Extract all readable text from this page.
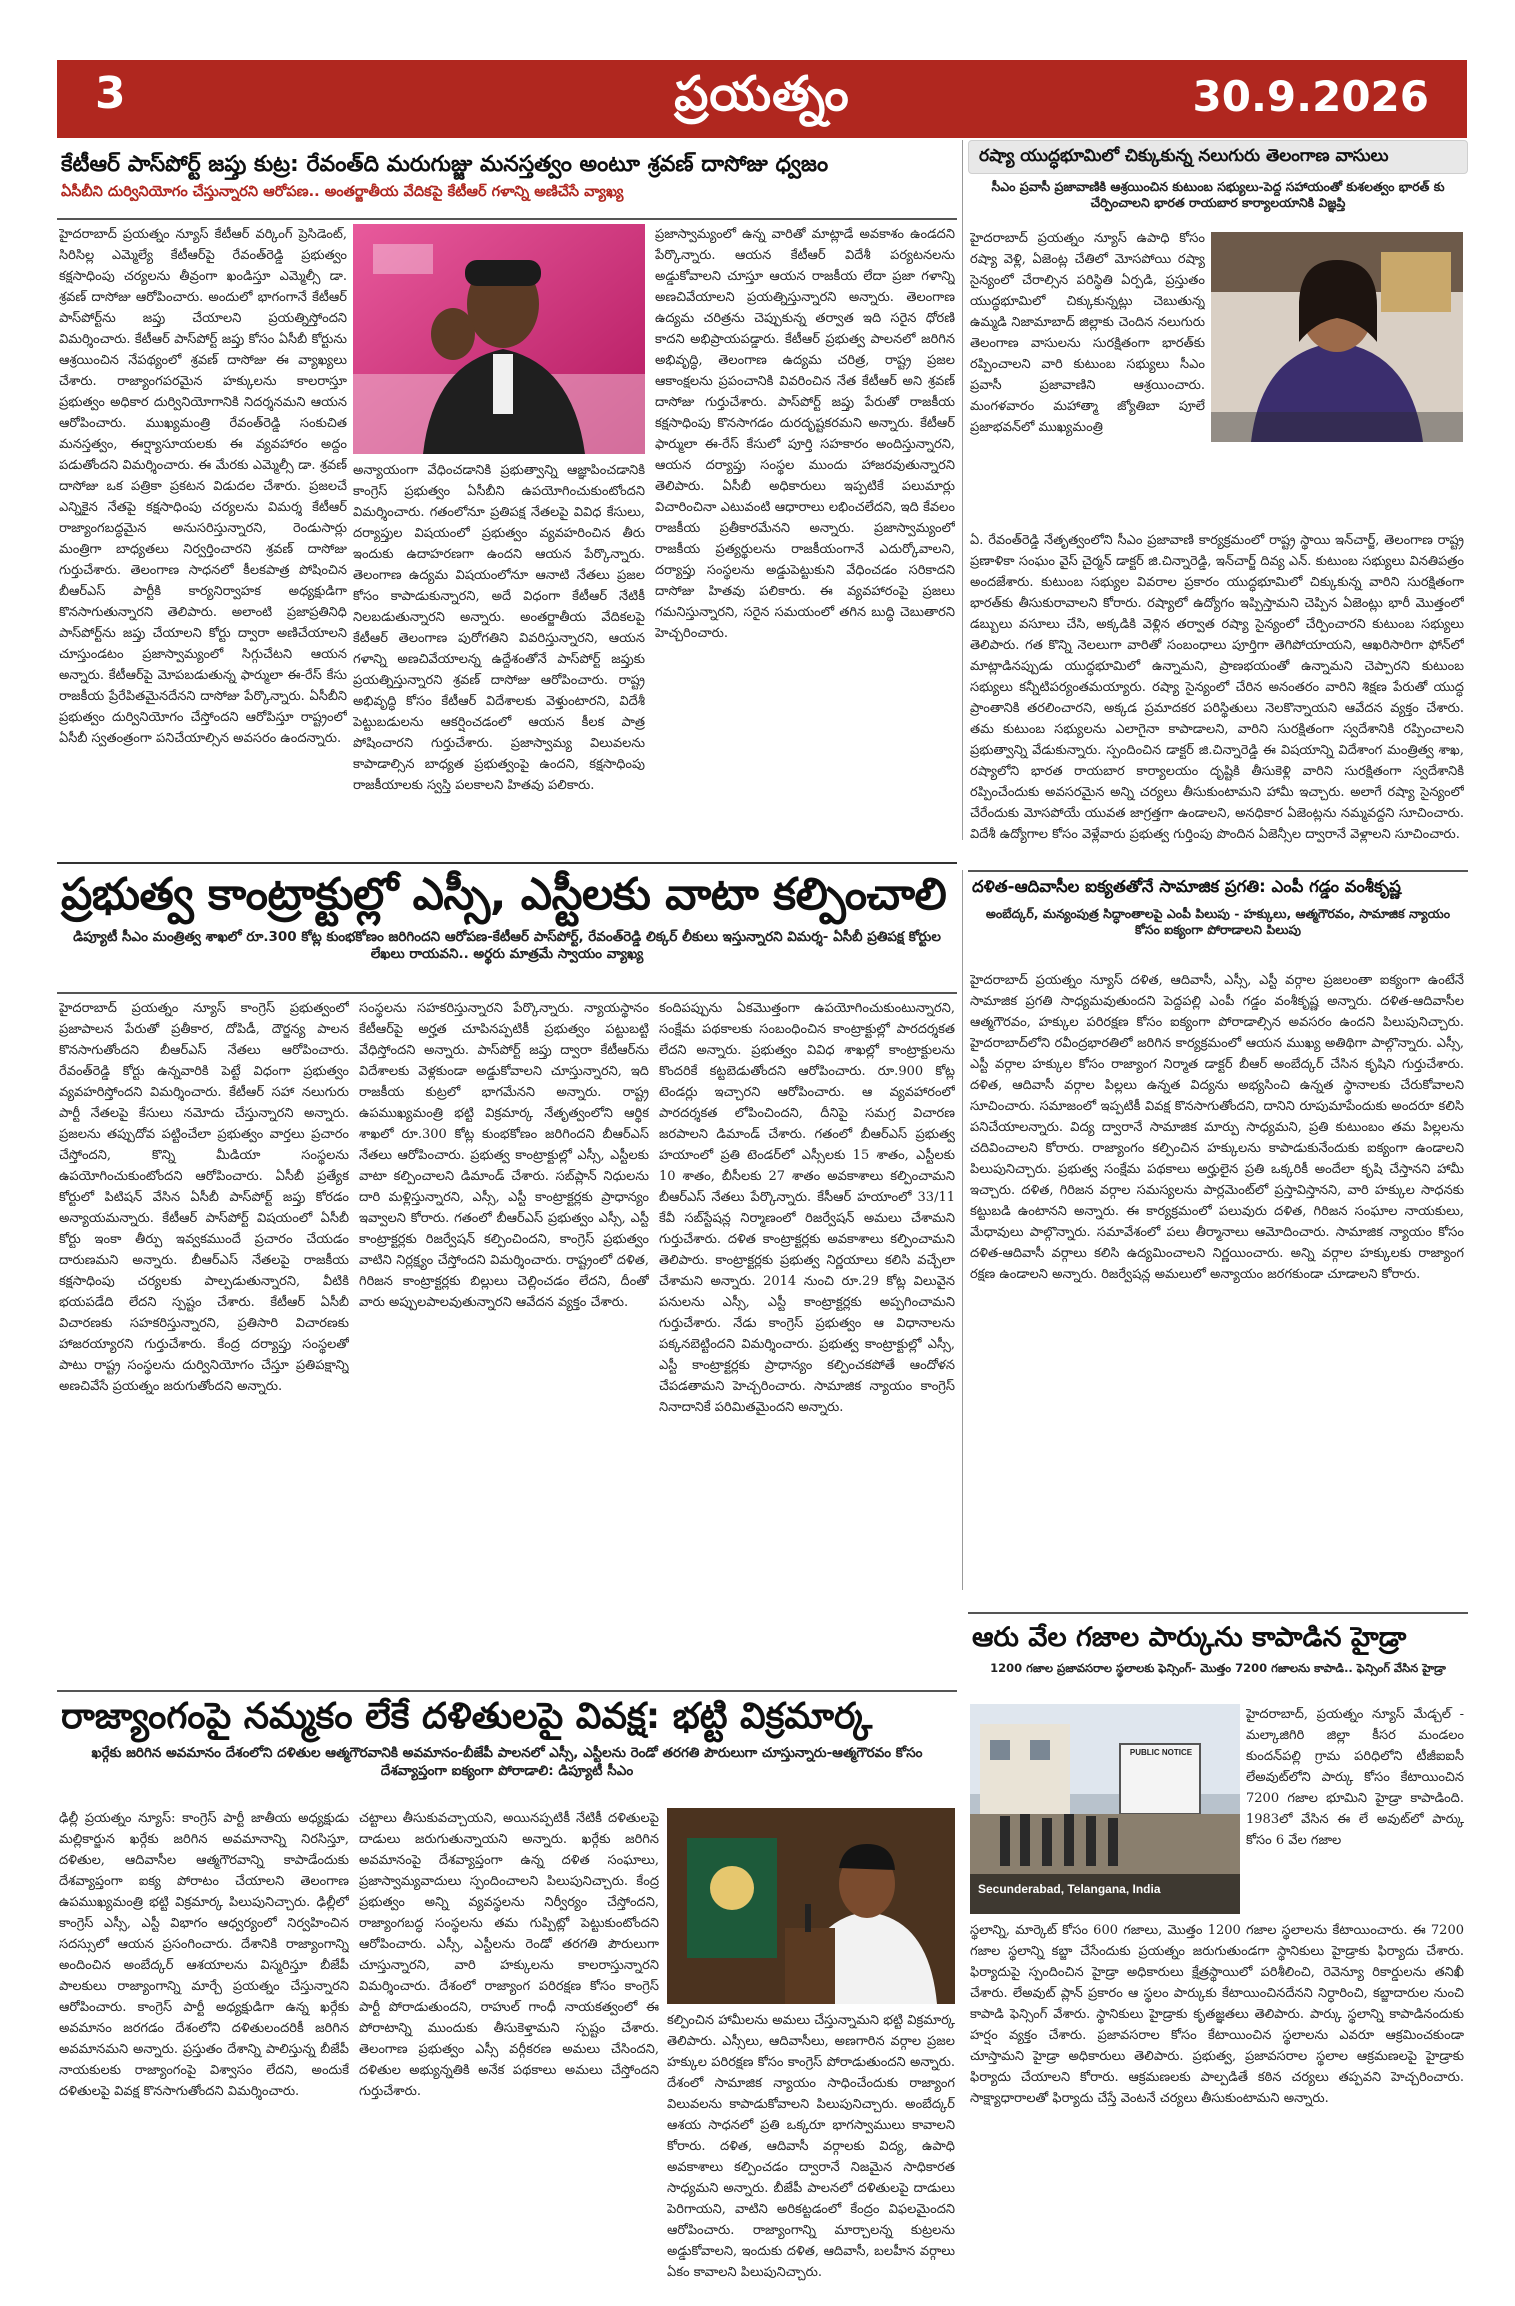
3	ప్రయత్నం	30.9.2026
కేటీఆర్ పాస్‌పోర్ట్ జప్తు కుట్ర: రేవంత్‌ది మరుగుజ్జు మనస్తత్వం అంటూ శ్రవణ్ దాసోజు ధ్వజం
ఏసీబీని దుర్వినియోగం చేస్తున్నారని ఆరోపణ.. అంతర్జాతీయ వేదికపై కేటీఆర్ గళాన్ని అణిచేసే వ్యాఖ్య
హైదరాబాద్ ప్రయత్నం న్యూస్ కేటీఆర్ వర్కింగ్ ప్రెసిడెంట్, సిరిసిల్ల ఎమ్మెల్యే కేటీఆర్‌పై రేవంత్‌రెడ్డి ప్రభుత్వం కక్షసాధింపు చర్యలను తీవ్రంగా ఖండిస్తూ ఎమ్మెల్సీ డా. శ్రవణ్ దాసోజు ఆరోపించారు. అందులో భాగంగానే కేటీఆర్ పాస్‌పోర్ట్‌ను జప్తు చేయాలని ప్రయత్నిస్తోందని విమర్శించారు. కేటీఆర్ పాస్‌పోర్ట్ జప్తు కోసం ఏసీబీ కోర్టును ఆశ్రయించిన నేపథ్యంలో శ్రవణ్ దాసోజు ఈ వ్యాఖ్యలు చేశారు. రాజ్యాంగపరమైన హక్కులను కాలరాస్తూ ప్రభుత్వం అధికార దుర్వినియోగానికి నిదర్శనమని ఆయన ఆరోపించారు. ముఖ్యమంత్రి రేవంత్‌రెడ్డి సంకుచిత మనస్తత్వం, ఈర్ష్యాసూయలకు ఈ వ్యవహారం అద్దం పడుతోందని విమర్శించారు. ఈ మేరకు ఎమ్మెల్సీ డా. శ్రవణ్ దాసోజు ఒక పత్రికా ప్రకటన విడుదల చేశారు. ప్రజలచే ఎన్నికైన నేతపై కక్షసాధింపు చర్యలను విమర్శ కేటీఆర్ రాజ్యాంగబద్ధమైన అనుసరిస్తున్నారని, రెండుసార్లు మంత్రిగా బాధ్యతలు నిర్వర్తించారని శ్రవణ్ దాసోజు గుర్తుచేశారు. తెలంగాణ సాధనలో కీలకపాత్ర పోషించిన బీఆర్ఎస్ పార్టీకి కార్యనిర్వాహక అధ్యక్షుడిగా కొనసాగుతున్నారని తెలిపారు. అలాంటి ప్రజాప్రతినిధి పాస్‌పోర్ట్‌ను జప్తు చేయాలని కోర్టు ద్వారా అణిచేయాలని చూస్తుండటం ప్రజాస్వామ్యంలో సిగ్గుచేటని ఆయన అన్నారు. కేటీఆర్‌పై మోపబడుతున్న ఫార్ములా ఈ-రేస్ కేసు రాజకీయ ప్రేరేపితమైనదేనని దాసోజు పేర్కొన్నారు. ఏసీబీని ప్రభుత్వం దుర్వినియోగం చేస్తోందని ఆరోపిస్తూ రాష్ట్రంలో ఏసీబీ స్వతంత్రంగా పనిచేయాల్సిన అవసరం ఉందన్నారు.
అన్యాయంగా వేధించడానికి ప్రభుత్వాన్ని ఆజ్ఞాపించడానికి కాంగ్రెస్ ప్రభుత్వం ఏసీబీని ఉపయోగించుకుంటోందని విమర్శించారు. గతంలోనూ ప్రతిపక్ష నేతలపై వివిధ కేసులు, దర్యాప్తుల విషయంలో ప్రభుత్వం వ్యవహరించిన తీరు ఇందుకు ఉదాహరణగా ఉందని ఆయన పేర్కొన్నారు. తెలంగాణ ఉద్యమ విషయంలోనూ ఆనాటి నేతలు ప్రజల కోసం కాపాడుకున్నారని, అదే విధంగా కేటీఆర్ నేటికీ నిలబడుతున్నారని అన్నారు. అంతర్జాతీయ వేదికలపై కేటీఆర్ తెలంగాణ పురోగతిని వివరిస్తున్నారని, ఆయన గళాన్ని అణచివేయాలన్న ఉద్దేశంతోనే పాస్‌పోర్ట్ జప్తుకు ప్రయత్నిస్తున్నారని శ్రవణ్ దాసోజు ఆరోపించారు. రాష్ట్ర అభివృద్ధి కోసం కేటీఆర్ విదేశాలకు వెళ్తుంటారని, విదేశీ పెట్టుబడులను ఆకర్షించడంలో ఆయన కీలక పాత్ర పోషించారని గుర్తుచేశారు. ప్రజాస్వామ్య విలువలను కాపాడాల్సిన బాధ్యత ప్రభుత్వంపై ఉందని, కక్షసాధింపు రాజకీయాలకు స్వస్తి పలకాలని హితవు పలికారు.
ప్రజాస్వామ్యంలో ఉన్న వారితో మాట్లాడే అవకాశం ఉండదని పేర్కొన్నారు. ఆయన కేటీఆర్ విదేశీ పర్యటనలను అడ్డుకోవాలని చూస్తూ ఆయన రాజకీయ లేదా ప్రజా గళాన్ని అణచివేయాలని ప్రయత్నిస్తున్నారని అన్నారు. తెలంగాణ ఉద్యమ చరిత్రను చెప్పుకున్న తర్వాత ఇది సరైన ధోరణి కాదని అభిప్రాయపడ్డారు. కేటీఆర్ ప్రభుత్వ పాలనలో జరిగిన అభివృద్ధి, తెలంగాణ ఉద్యమ చరిత్ర, రాష్ట్ర ప్రజల ఆకాంక్షలను ప్రపంచానికి వివరించిన నేత కేటీఆర్ అని శ్రవణ్ దాసోజు గుర్తుచేశారు. పాస్‌పోర్ట్ జప్తు పేరుతో రాజకీయ కక్షసాధింపు కొనసాగడం దురదృష్టకరమని అన్నారు. కేటీఆర్ ఫార్ములా ఈ-రేస్ కేసులో పూర్తి సహకారం అందిస్తున్నారని, ఆయన దర్యాప్తు సంస్థల ముందు హాజరవుతున్నారని తెలిపారు. ఏసీబీ అధికారులు ఇప్పటికే పలుమార్లు విచారించినా ఎటువంటి ఆధారాలు లభించలేదని, ఇది కేవలం రాజకీయ ప్రతీకారమేనని అన్నారు. ప్రజాస్వామ్యంలో రాజకీయ ప్రత్యర్థులను రాజకీయంగానే ఎదుర్కోవాలని, దర్యాప్తు సంస్థలను అడ్డుపెట్టుకుని వేధించడం సరికాదని దాసోజు హితవు పలికారు. ఈ వ్యవహారంపై ప్రజలు గమనిస్తున్నారని, సరైన సమయంలో తగిన బుద్ధి చెబుతారని హెచ్చరించారు.
రష్యా యుద్ధభూమిలో చిక్కుకున్న నలుగురు తెలంగాణ వాసులు
సీఎం ప్రవాసీ ప్రజావాణికి ఆశ్రయించిన కుటుంబ సభ్యులు-పెద్ద సహాయంతో కుశలత్వం భారత్ కు చేర్పించాలని భారత రాయబార కార్యాలయానికి విజ్ఞప్తి
హైదరాబాద్ ప్రయత్నం న్యూస్ ఉపాధి కోసం రష్యా వెళ్లి, ఏజెంట్ల చేతిలో మోసపోయి రష్యా సైన్యంలో చేరాల్సిన పరిస్థితి ఏర్పడి, ప్రస్తుతం యుద్ధభూమిలో చిక్కుకున్నట్లు చెబుతున్న ఉమ్మడి నిజామాబాద్ జిల్లాకు చెందిన నలుగురు తెలంగాణ వాసులను సురక్షితంగా భారత్‌కు రప్పించాలని వారి కుటుంబ సభ్యులు సీఎం ప్రవాసీ ప్రజావాణిని ఆశ్రయించారు. మంగళవారం మహాత్మా జ్యోతిబా పూలే ప్రజాభవన్‌లో ముఖ్యమంత్రి
ఏ. రేవంత్‌రెడ్డి నేతృత్వంలోని సీఎం ప్రజావాణి కార్యక్రమంలో రాష్ట్ర స్థాయి ఇన్‌చార్జ్, తెలంగాణ రాష్ట్ర ప్రణాళికా సంఘం వైస్ చైర్మన్ డాక్టర్ జి.చిన్నారెడ్డి, ఇన్‌చార్జ్ దివ్య ఎన్. కుటుంబ సభ్యులు వినతిపత్రం అందజేశారు. కుటుంబ సభ్యుల వివరాల ప్రకారం యుద్ధభూమిలో చిక్కుకున్న వారిని సురక్షితంగా భారత్‌కు తీసుకురావాలని కోరారు. రష్యాలో ఉద్యోగం ఇప్పిస్తామని చెప్పిన ఏజెంట్లు భారీ మొత్తంలో డబ్బులు వసూలు చేసి, అక్కడికి వెళ్లిన తర్వాత రష్యా సైన్యంలో చేర్పించారని కుటుంబ సభ్యులు తెలిపారు. గత కొన్ని నెలలుగా వారితో సంబంధాలు పూర్తిగా తెగిపోయాయని, ఆఖరిసారిగా ఫోన్‌లో మాట్లాడినప్పుడు యుద్ధభూమిలో ఉన్నామని, ప్రాణభయంతో ఉన్నామని చెప్పారని కుటుంబ సభ్యులు కన్నీటిపర్యంతమయ్యారు. రష్యా సైన్యంలో చేరిన అనంతరం వారిని శిక్షణ పేరుతో యుద్ధ ప్రాంతానికి తరలించారని, అక్కడ ప్రమాదకర పరిస్థితులు నెలకొన్నాయని ఆవేదన వ్యక్తం చేశారు. తమ కుటుంబ సభ్యులను ఎలాగైనా కాపాడాలని, వారిని సురక్షితంగా స్వదేశానికి రప్పించాలని ప్రభుత్వాన్ని వేడుకున్నారు. స్పందించిన డాక్టర్ జి.చిన్నారెడ్డి ఈ విషయాన్ని విదేశాంగ మంత్రిత్వ శాఖ, రష్యాలోని భారత రాయబార కార్యాలయం దృష్టికి తీసుకెళ్లి వారిని సురక్షితంగా స్వదేశానికి రప్పించేందుకు అవసరమైన అన్ని చర్యలు తీసుకుంటామని హామీ ఇచ్చారు. అలాగే రష్యా సైన్యంలో చేరేందుకు మోసపోయే యువత జాగ్రత్తగా ఉండాలని, అనధికార ఏజెంట్లను నమ్మవద్దని సూచించారు. విదేశీ ఉద్యోగాల కోసం వెళ్లేవారు ప్రభుత్వ గుర్తింపు పొందిన ఏజెన్సీల ద్వారానే వెళ్లాలని సూచించారు.
ప్రభుత్వ కాంట్రాక్టుల్లో ఎస్సీ, ఎస్టీలకు వాటా కల్పించాలి
డిప్యూటీ సీఎం మంత్రిత్వ శాఖలో రూ.300 కోట్ల కుంభకోణం జరిగిందని ఆరోపణ-కేటీఆర్ పాస్‌పోర్ట్, రేవంత్‌రెడ్డి లిక్కర్ లీకులు ఇస్తున్నారని విమర్శ- ఏసీబీ ప్రతిపక్ష కోర్టుల లేఖలు రాయవని.. అర్థరు మాత్రమే స్వాయం వ్యాఖ్య
హైదరాబాద్ ప్రయత్నం న్యూస్ కాంగ్రెస్ ప్రభుత్వంలో ప్రజాపాలన పేరుతో ప్రతీకార, దోపిడీ, దౌర్జన్య పాలన కొనసాగుతోందని బీఆర్ఎస్ నేతలు ఆరోపించారు. రేవంత్‌రెడ్డి కోర్టు ఉన్నవారికి పెట్టే విధంగా ప్రభుత్వం వ్యవహరిస్తోందని విమర్శించారు. కేటీఆర్ సహా నలుగురు పార్టీ నేతలపై కేసులు నమోదు చేస్తున్నారని అన్నారు. ప్రజలను తప్పుదోవ పట్టించేలా ప్రభుత్వం వార్తలు ప్రచారం చేస్తోందని, కొన్ని మీడియా సంస్థలను ఉపయోగించుకుంటోందని ఆరోపించారు. ఏసీబీ ప్రత్యేక కోర్టులో పిటిషన్ వేసిన ఏసీబీ పాస్‌పోర్ట్ జప్తు కోరడం అన్యాయమన్నారు. కేటీఆర్ పాస్‌పోర్ట్ విషయంలో ఏసీబీ కోర్టు ఇంకా తీర్పు ఇవ్వకముందే ప్రచారం చేయడం దారుణమని అన్నారు. బీఆర్ఎస్ నేతలపై రాజకీయ కక్షసాధింపు చర్యలకు పాల్పడుతున్నారని, వీటికి భయపడేది లేదని స్పష్టం చేశారు. కేటీఆర్ ఏసీబీ విచారణకు సహకరిస్తున్నారని, ప్రతిసారి విచారణకు హాజరయ్యారని గుర్తుచేశారు. కేంద్ర దర్యాప్తు సంస్థలతో పాటు రాష్ట్ర సంస్థలను దుర్వినియోగం చేస్తూ ప్రతిపక్షాన్ని అణచివేసే ప్రయత్నం జరుగుతోందని అన్నారు.
సంస్థలను సహకరిస్తున్నారని పేర్కొన్నారు. న్యాయస్థానం కేటీఆర్‌పై అర్హత చూపినప్పటికీ ప్రభుత్వం పట్టుబట్టి వేధిస్తోందని అన్నారు. పాస్‌పోర్ట్ జప్తు ద్వారా కేటీఆర్‌ను విదేశాలకు వెళ్లకుండా అడ్డుకోవాలని చూస్తున్నారని, ఇది రాజకీయ కుట్రలో భాగమేనని అన్నారు. రాష్ట్ర ఉపముఖ్యమంత్రి భట్టి విక్రమార్క నేతృత్వంలోని ఆర్థిక శాఖలో రూ.300 కోట్ల కుంభకోణం జరిగిందని బీఆర్ఎస్ నేతలు ఆరోపించారు. ప్రభుత్వ కాంట్రాక్టుల్లో ఎస్సీ, ఎస్టీలకు వాటా కల్పించాలని డిమాండ్ చేశారు. సబ్‌ప్లాన్ నిధులను దారి మళ్లిస్తున్నారని, ఎస్సీ, ఎస్టీ కాంట్రాక్టర్లకు ప్రాధాన్యం ఇవ్వాలని కోరారు. గతంలో బీఆర్ఎస్ ప్రభుత్వం ఎస్సీ, ఎస్టీ కాంట్రాక్టర్లకు రిజర్వేషన్ కల్పించిందని, కాంగ్రెస్ ప్రభుత్వం వాటిని నిర్లక్ష్యం చేస్తోందని విమర్శించారు. రాష్ట్రంలో దళిత, గిరిజన కాంట్రాక్టర్లకు బిల్లులు చెల్లించడం లేదని, దీంతో వారు అప్పులపాలవుతున్నారని ఆవేదన వ్యక్తం చేశారు.
కందిపప్పును ఏకమొత్తంగా ఉపయోగించుకుంటున్నారని, సంక్షేమ పథకాలకు సంబంధించిన కాంట్రాక్టుల్లో పారదర్శకత లేదని అన్నారు. ప్రభుత్వం వివిధ శాఖల్లో కాంట్రాక్టులను కొందరికే కట్టబెడుతోందని ఆరోపించారు. రూ.900 కోట్ల టెండర్లు ఇచ్చారని ఆరోపించారు. ఆ వ్యవహారంలో పారదర్శకత లోపించిందని, దీనిపై సమగ్ర విచారణ జరపాలని డిమాండ్ చేశారు. గతంలో బీఆర్ఎస్ ప్రభుత్వ హయాంలో ప్రతి టెండర్‌లో ఎస్సీలకు 15 శాతం, ఎస్టీలకు 10 శాతం, బీసీలకు 27 శాతం అవకాశాలు కల్పించామని బీఆర్ఎస్ నేతలు పేర్కొన్నారు. కేసీఆర్ హయాంలో 33/11 కేవీ సబ్‌స్టేషన్ల నిర్మాణంలో రిజర్వేషన్ అమలు చేశామని గుర్తుచేశారు. దళిత కాంట్రాక్టర్లకు అవకాశాలు కల్పించామని తెలిపారు. కాంట్రాక్టర్లకు ప్రభుత్వ నిర్ణయాలు కలిసి వచ్చేలా చేశామని అన్నారు. 2014 నుంచి రూ.29 కోట్ల విలువైన పనులను ఎస్సీ, ఎస్టీ కాంట్రాక్టర్లకు అప్పగించామని గుర్తుచేశారు. నేడు కాంగ్రెస్ ప్రభుత్వం ఆ విధానాలను పక్కనబెట్టిందని విమర్శించారు. ప్రభుత్వ కాంట్రాక్టుల్లో ఎస్సీ, ఎస్టీ కాంట్రాక్టర్లకు ప్రాధాన్యం కల్పించకపోతే ఆందోళన చేపడతామని హెచ్చరించారు. సామాజిక న్యాయం కాంగ్రెస్ నినాదానికే పరిమితమైందని అన్నారు.
దళిత-ఆదివాసీల ఐక్యతతోనే సామాజిక ప్రగతి: ఎంపీ గడ్డం వంశీకృష్ణ
అంబేద్కర్, మన్యంపుత్ర సిద్ధాంతాలపై ఎంపీ పిలుపు - హక్కులు, ఆత్మగౌరవం, సామాజిక న్యాయం కోసం ఐక్యంగా పోరాడాలని పిలుపు
హైదరాబాద్ ప్రయత్నం న్యూస్ దళిత, ఆదివాసీ, ఎస్సీ, ఎస్టీ వర్గాల ప్రజలంతా ఐక్యంగా ఉంటేనే సామాజిక ప్రగతి సాధ్యమవుతుందని పెద్దపల్లి ఎంపీ గడ్డం వంశీకృష్ణ అన్నారు. దళిత-ఆదివాసీల ఆత్మగౌరవం, హక్కుల పరిరక్షణ కోసం ఐక్యంగా పోరాడాల్సిన అవసరం ఉందని పిలుపునిచ్చారు. హైదరాబాద్‌లోని రవీంద్రభారతిలో జరిగిన కార్యక్రమంలో ఆయన ముఖ్య అతిథిగా పాల్గొన్నారు. ఎస్సీ, ఎస్టీ వర్గాల హక్కుల కోసం రాజ్యాంగ నిర్మాత డాక్టర్ బీఆర్ అంబేద్కర్ చేసిన కృషిని గుర్తుచేశారు. దళిత, ఆదివాసీ వర్గాల పిల్లలు ఉన్నత విద్యను అభ్యసించి ఉన్నత స్థానాలకు చేరుకోవాలని సూచించారు. సమాజంలో ఇప్పటికీ వివక్ష కొనసాగుతోందని, దానిని రూపుమాపేందుకు అందరూ కలిసి పనిచేయాలన్నారు. విద్య ద్వారానే సామాజిక మార్పు సాధ్యమని, ప్రతి కుటుంబం తమ పిల్లలను చదివించాలని కోరారు. రాజ్యాంగం కల్పించిన హక్కులను కాపాడుకునేందుకు ఐక్యంగా ఉండాలని పిలుపునిచ్చారు. ప్రభుత్వ సంక్షేమ పథకాలు అర్హులైన ప్రతి ఒక్కరికీ అందేలా కృషి చేస్తానని హామీ ఇచ్చారు. దళిత, గిరిజన వర్గాల సమస్యలను పార్లమెంట్‌లో ప్రస్తావిస్తానని, వారి హక్కుల సాధనకు కట్టుబడి ఉంటానని అన్నారు. ఈ కార్యక్రమంలో పలువురు దళిత, గిరిజన సంఘాల నాయకులు, మేధావులు పాల్గొన్నారు. సమావేశంలో పలు తీర్మానాలు ఆమోదించారు. సామాజిక న్యాయం కోసం దళిత-ఆదివాసీ వర్గాలు కలిసి ఉద్యమించాలని నిర్ణయించారు. అన్ని వర్గాల హక్కులకు రాజ్యాంగ రక్షణ ఉండాలని అన్నారు. రిజర్వేషన్ల అమలులో అన్యాయం జరగకుండా చూడాలని కోరారు.
రాజ్యాంగంపై నమ్మకం లేకే దళితులపై వివక్ష: భట్టి విక్రమార్క
ఖర్గేకు జరిగిన అవమానం దేశంలోని దళితుల ఆత్మగౌరవానికి అవమానం-బీజేపీ పాలనలో ఎస్సీ, ఎస్టీలను రెండో తరగతి పౌరులుగా చూస్తున్నారు-ఆత్మగౌరవం కోసం దేశవ్యాప్తంగా ఐక్యంగా పోరాడాలి: డిప్యూటీ సీఎం
ఢిల్లీ ప్రయత్నం న్యూస్: కాంగ్రెస్ పార్టీ జాతీయ అధ్యక్షుడు మల్లికార్జున ఖర్గేకు జరిగిన అవమానాన్ని నిరసిస్తూ, దళితుల, ఆదివాసీల ఆత్మగౌరవాన్ని కాపాడేందుకు దేశవ్యాప్తంగా ఐక్య పోరాటం చేయాలని తెలంగాణ ఉపముఖ్యమంత్రి భట్టి విక్రమార్క పిలుపునిచ్చారు. ఢిల్లీలో కాంగ్రెస్ ఎస్సీ, ఎస్టీ విభాగం ఆధ్వర్యంలో నిర్వహించిన సదస్సులో ఆయన ప్రసంగించారు. దేశానికి రాజ్యాంగాన్ని అందించిన అంబేద్కర్ ఆశయాలను విస్మరిస్తూ బీజేపీ పాలకులు రాజ్యాంగాన్ని మార్చే ప్రయత్నం చేస్తున్నారని ఆరోపించారు. కాంగ్రెస్ పార్టీ అధ్యక్షుడిగా ఉన్న ఖర్గేకు అవమానం జరగడం దేశంలోని దళితులందరికీ జరిగిన అవమానమని అన్నారు. ప్రస్తుతం దేశాన్ని పాలిస్తున్న బీజేపీ నాయకులకు రాజ్యాంగంపై విశ్వాసం లేదని, అందుకే దళితులపై వివక్ష కొనసాగుతోందని విమర్శించారు.
చట్టాలు తీసుకువచ్చాయని, అయినప్పటికీ నేటికీ దళితులపై దాడులు జరుగుతున్నాయని అన్నారు. ఖర్గేకు జరిగిన అవమానంపై దేశవ్యాప్తంగా ఉన్న దళిత సంఘాలు, ప్రజాస్వామ్యవాదులు స్పందించాలని పిలుపునిచ్చారు. కేంద్ర ప్రభుత్వం అన్ని వ్యవస్థలను నిర్వీర్యం చేస్తోందని, రాజ్యాంగబద్ధ సంస్థలను తమ గుప్పిట్లో పెట్టుకుంటోందని ఆరోపించారు. ఎస్సీ, ఎస్టీలను రెండో తరగతి పౌరులుగా చూస్తున్నారని, వారి హక్కులను కాలరాస్తున్నారని విమర్శించారు. దేశంలో రాజ్యాంగ పరిరక్షణ కోసం కాంగ్రెస్ పార్టీ పోరాడుతుందని, రాహుల్ గాంధీ నాయకత్వంలో ఈ పోరాటాన్ని ముందుకు తీసుకెళ్తామని స్పష్టం చేశారు. తెలంగాణ ప్రభుత్వం ఎస్సీ వర్గీకరణ అమలు చేసిందని, దళితుల అభ్యున్నతికి అనేక పథకాలు అమలు చేస్తోందని గుర్తుచేశారు.
కల్పించిన హామీలను అమలు చేస్తున్నామని భట్టి విక్రమార్క తెలిపారు. ఎస్సీలు, ఆదివాసీలు, అణగారిన వర్గాల ప్రజల హక్కుల పరిరక్షణ కోసం కాంగ్రెస్ పోరాడుతుందని అన్నారు. దేశంలో సామాజిక న్యాయం సాధించేందుకు రాజ్యాంగ విలువలను కాపాడుకోవాలని పిలుపునిచ్చారు. అంబేద్కర్ ఆశయ సాధనలో ప్రతి ఒక్కరూ భాగస్వాములు కావాలని కోరారు. దళిత, ఆదివాసీ వర్గాలకు విద్య, ఉపాధి అవకాశాలు కల్పించడం ద్వారానే నిజమైన సాధికారత సాధ్యమని అన్నారు. బీజేపీ పాలనలో దళితులపై దాడులు పెరిగాయని, వాటిని అరికట్టడంలో కేంద్రం విఫలమైందని ఆరోపించారు. రాజ్యాంగాన్ని మార్చాలన్న కుట్రలను అడ్డుకోవాలని, ఇందుకు దళిత, ఆదివాసీ, బలహీన వర్గాలు ఏకం కావాలని పిలుపునిచ్చారు.
ఆరు వేల గజాల పార్కును కాపాడిన హైడ్రా
1200 గజాల ప్రజావసరాల స్థలాలకు ఫెన్సింగ్- మొత్తం 7200 గజాలను కాపాడి.. ఫెన్సింగ్ వేసిన హైడ్రా
PUBLIC NOTICE
Secunderabad, Telangana, India
హైదరాబాద్, ప్రయత్నం న్యూస్ మేడ్చల్ - మల్కాజిగిరి జిల్లా కీసర మండలం కుందన్‌పల్లి గ్రామ పరిధిలోని టీజీఐఐసీ లేఅవుట్‌లోని పార్కు కోసం కేటాయించిన 7200 గజాల భూమిని హైడ్రా కాపాడింది. 1983లో వేసిన ఈ లే అవుట్‌లో పార్కు కోసం 6 వేల గజాల
స్థలాన్ని, మార్కెట్ కోసం 600 గజాలు, మొత్తం 1200 గజాల స్థలాలను కేటాయించారు. ఈ 7200 గజాల స్థలాన్ని కబ్జా చేసేందుకు ప్రయత్నం జరుగుతుండగా స్థానికులు హైడ్రాకు ఫిర్యాదు చేశారు. ఫిర్యాదుపై స్పందించిన హైడ్రా అధికారులు క్షేత్రస్థాయిలో పరిశీలించి, రెవెన్యూ రికార్డులను తనిఖీ చేశారు. లేఅవుట్ ప్లాన్ ప్రకారం ఆ స్థలం పార్కుకు కేటాయించినదేనని నిర్ధారించి, కబ్జాదారుల నుంచి కాపాడి ఫెన్సింగ్ వేశారు. స్థానికులు హైడ్రాకు కృతజ్ఞతలు తెలిపారు. పార్కు స్థలాన్ని కాపాడినందుకు హర్షం వ్యక్తం చేశారు. ప్రజావసరాల కోసం కేటాయించిన స్థలాలను ఎవరూ ఆక్రమించకుండా చూస్తామని హైడ్రా అధికారులు తెలిపారు. ప్రభుత్వ, ప్రజావసరాల స్థలాల ఆక్రమణలపై హైడ్రాకు ఫిర్యాదు చేయాలని కోరారు. ఆక్రమణలకు పాల్పడితే కఠిన చర్యలు తప్పవని హెచ్చరించారు. సాక్ష్యాధారాలతో ఫిర్యాదు చేస్తే వెంటనే చర్యలు తీసుకుంటామని అన్నారు.
